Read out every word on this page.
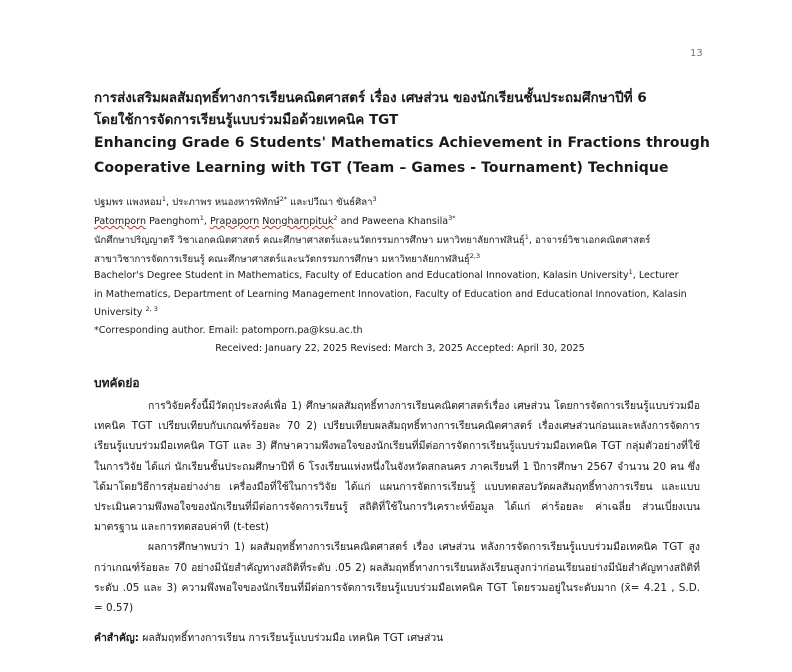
13
การส่งเสริมผลสัมฤทธิ์ทางการเรียนคณิตศาสตร์ เรื่อง เศษส่วน ของนักเรียนชั้นประถมศึกษาปีที่ 6
โดยใช้การจัดการเรียนรู้แบบร่วมมือด้วยเทคนิค TGT
Enhancing Grade 6 Students' Mathematics Achievement in Fractions through
Cooperative Learning with TGT (Team – Games - Tournament) Technique
ปฐมพร แพงหอม$^1$, ประภาพร หนองหารพิทักษ์$^{2*}$ และปวีณา ขันธ์ศิลา$^3$
Patomporn Paenghom$^1$, Prapaporn Nongharnpituk$^2$ and Paweena Khansila$^{3*}$
นักศึกษาปริญญาตรี วิชาเอกคณิตศาสตร์ คณะศึกษาศาสตร์และนวัตกรรมการศึกษา มหาวิทยาลัยกาฬสินธุ์$^1$, อาจารย์วิชาเอกคณิตศาสตร์
สาขาวิชาการจัดการเรียนรู้ คณะศึกษาศาสตร์และนวัตกรรมการศึกษา มหาวิทยาลัยกาฬสินธุ์$^{2,3}$
Bachelor's Degree Student in Mathematics, Faculty of Education and Educational Innovation, Kalasin University$^1$, Lecturer
in Mathematics, Department of Learning Management Innovation, Faculty of Education and Educational Innovation, Kalasin
University $^{2, 3}$
*Corresponding author. Email: patomporn.pa@ksu.ac.th
Received: January 22, 2025 Revised: March 3, 2025 Accepted: April 30, 2025
บทคัดย่อ

การวิจัยครั้งนี้มีวัตถุประสงค์เพื่อ 1) ศึกษาผลสัมฤทธิ์ทางการเรียนคณิตศาสตร์เรื่อง เศษส่วน โดยการจัดการเรียนรู้แบบร่วมมือเทคนิค TGT เปรียบเทียบกับเกณฑ์ร้อยละ 70 2) เปรียบเทียบผลสัมฤทธิ์ทางการเรียนคณิตศาสตร์ เรื่องเศษส่วนก่อนและหลังการจัดการเรียนรู้แบบร่วมมือเทคนิค TGT และ 3) ศึกษาความพึงพอใจของนักเรียนที่มีต่อการจัดการเรียนรู้แบบร่วมมือเทคนิค TGT กลุ่มตัวอย่างที่ใช้ในการวิจัย ได้แก่ นักเรียนชั้นประถมศึกษาปีที่ 6 โรงเรียนแห่งหนึ่งในจังหวัดสกลนคร ภาคเรียนที่ 1 ปีการศึกษา 2567 จำนวน 20 คน ซึ่งได้มาโดยวิธีการสุ่มอย่างง่าย เครื่องมือที่ใช้ในการวิจัย ได้แก่ แผนการจัดการเรียนรู้ แบบทดสอบวัดผลสัมฤทธิ์ทางการเรียน และแบบประเมินความพึงพอใจของนักเรียนที่มีต่อการจัดการเรียนรู้ สถิติที่ใช้ในการวิเคราะห์ข้อมูล ได้แก่ ค่าร้อยละ ค่าเฉลี่ย ส่วนเบี่ยงเบนมาตรฐาน และการทดสอบค่าที (t-test)

ผลการศึกษาพบว่า 1) ผลสัมฤทธิ์ทางการเรียนคณิตศาสตร์ เรื่อง เศษส่วน หลังการจัดการเรียนรู้แบบร่วมมือเทคนิค TGT สูงกว่าเกณฑ์ร้อยละ 70 อย่างมีนัยสำคัญทางสถิติที่ระดับ .05 2) ผลสัมฤทธิ์ทางการเรียนหลังเรียนสูงกว่าก่อนเรียนอย่างมีนัยสำคัญทางสถิติที่ระดับ .05 และ 3) ความพึงพอใจของนักเรียนที่มีต่อการจัดการเรียนรู้แบบร่วมมือเทคนิค TGT โดยรวมอยู่ในระดับมาก (x̄= 4.21 , S.D. = 0.57)

คำสำคัญ: ผลสัมฤทธิ์ทางการเรียน การเรียนรู้แบบร่วมมือ เทคนิค TGT เศษส่วน
